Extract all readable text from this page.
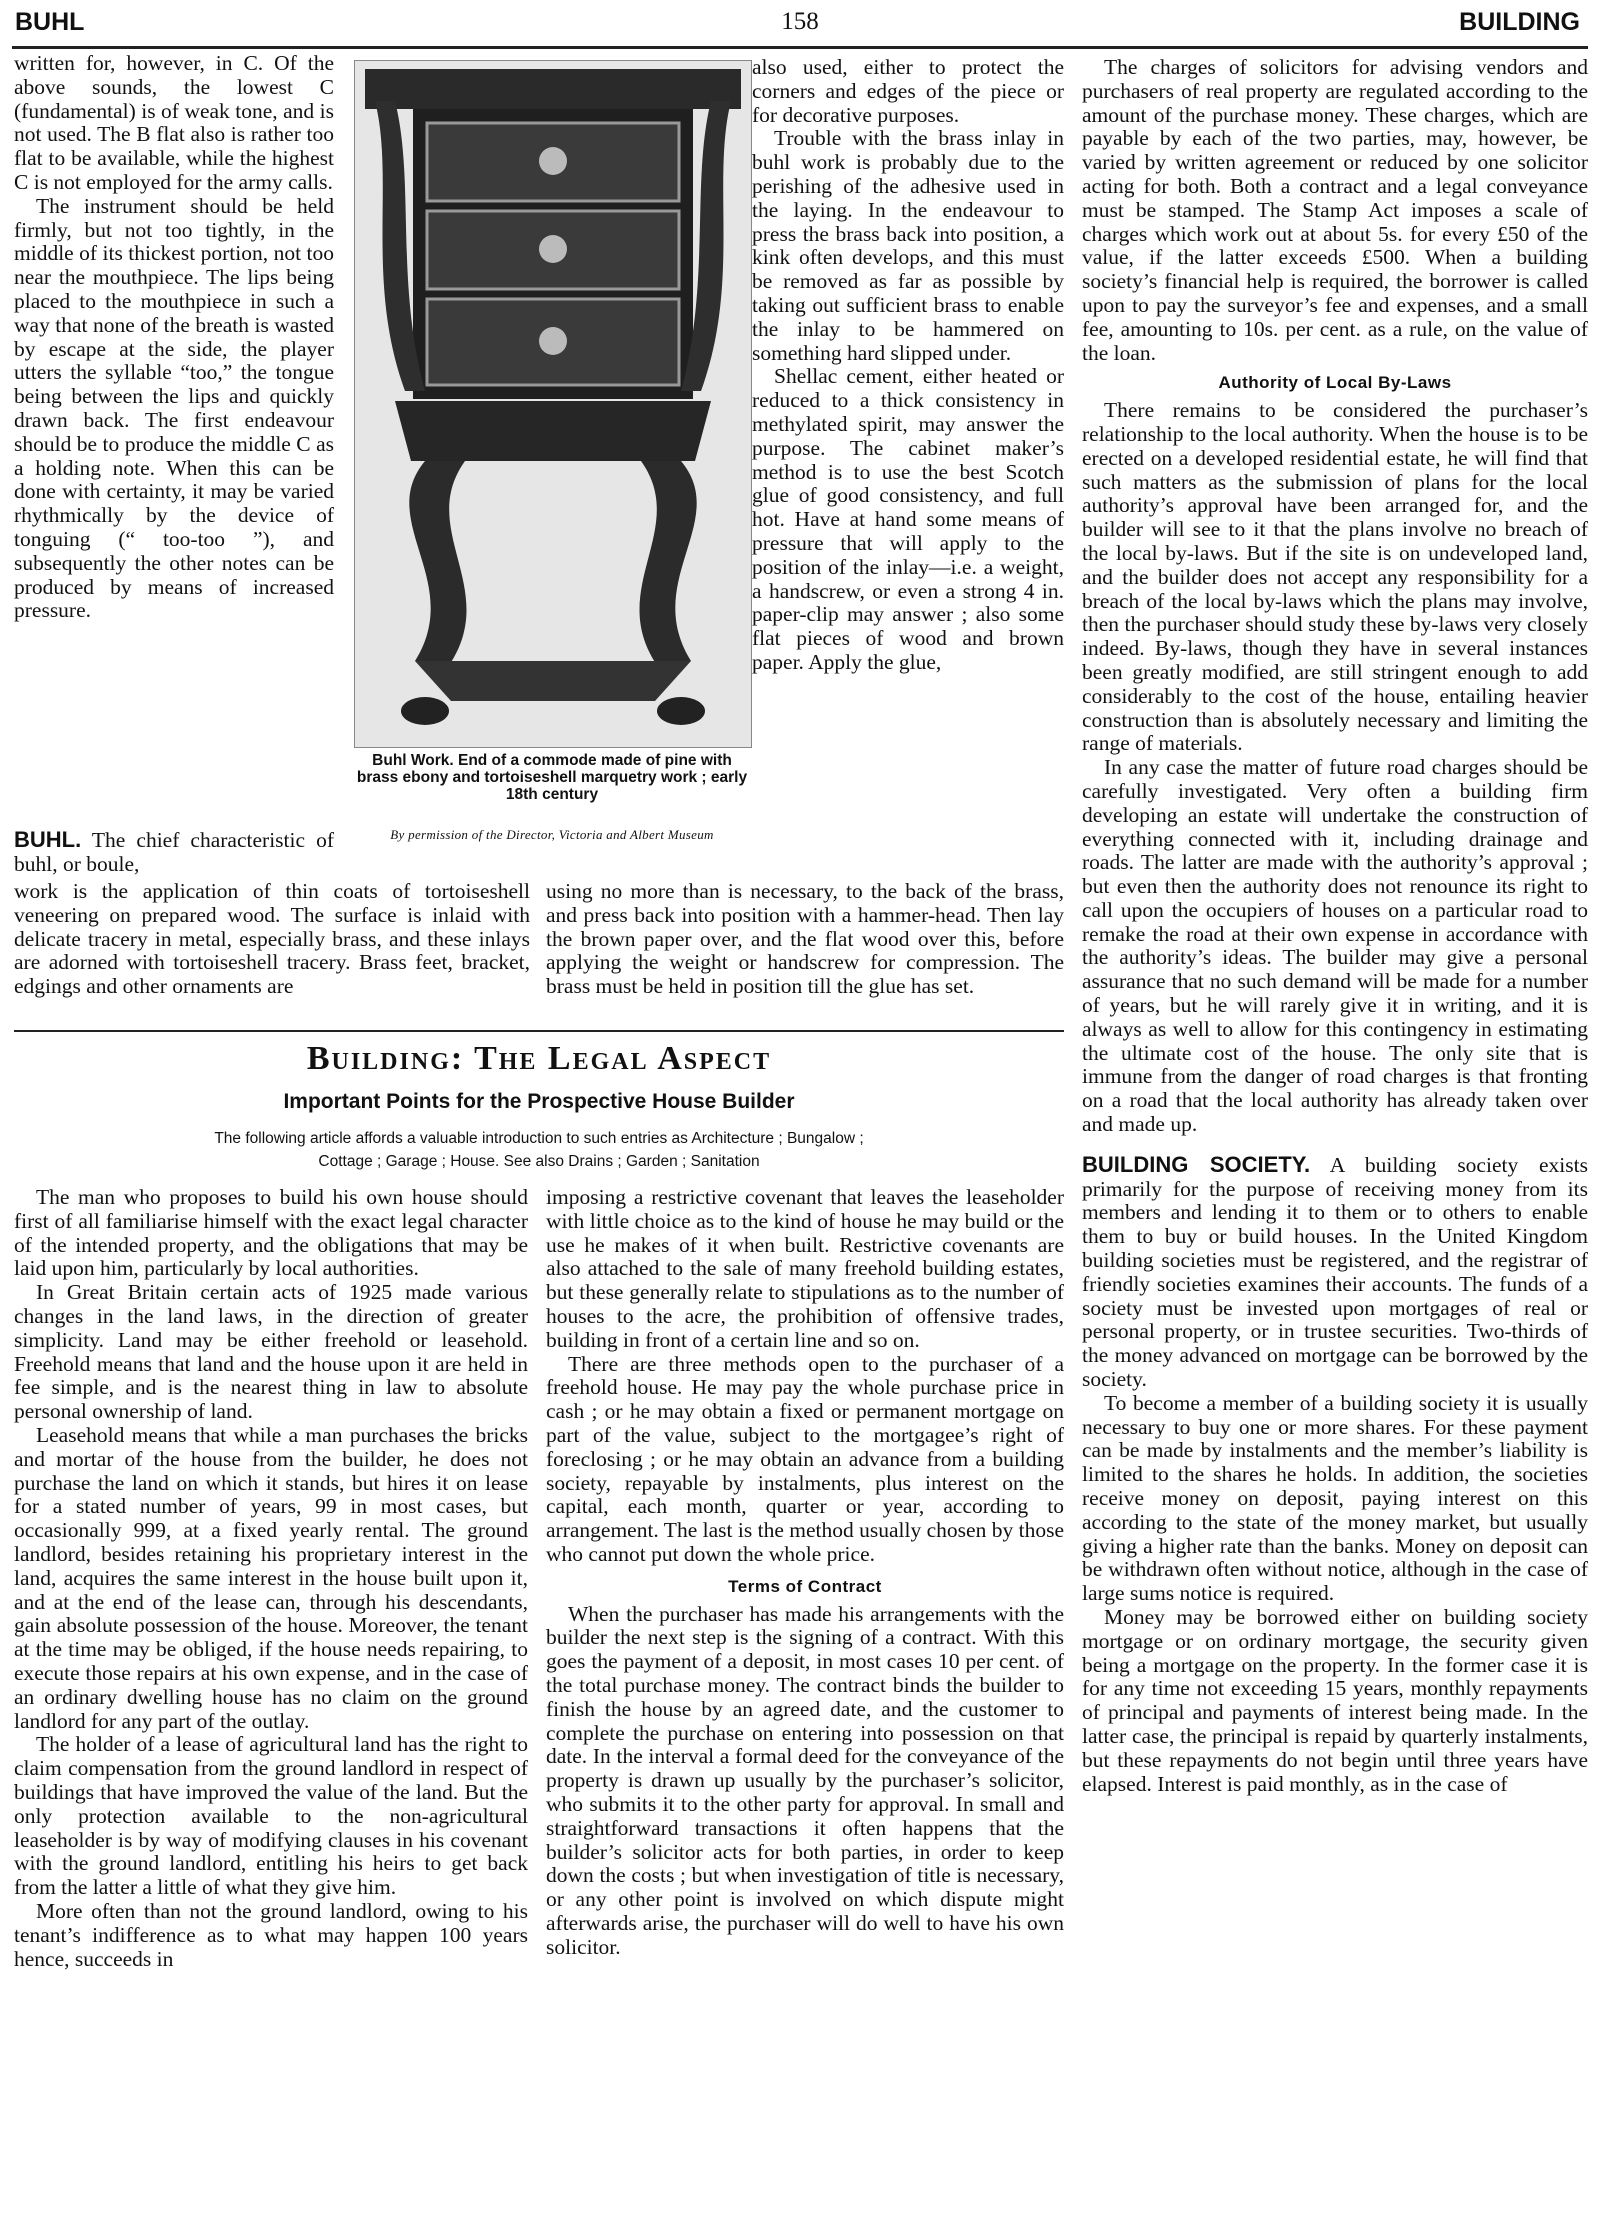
BUHL	158	BUILDING

written for, however, in C. Of the above sounds, the lowest C (fundamental) is of weak tone, and is not used. The B flat also is rather too flat to be available, while the highest C is not employed for the army calls.

The instrument should be held firmly, but not too tightly, in the middle of its thickest portion, not too near the mouthpiece. The lips being placed to the mouthpiece in such a way that none of the breath is wasted by escape at the side, the player utters the syllable “too,” the tongue being between the lips and quickly drawn back. The first endeavour should be to produce the middle C as a holding note. When this can be done with certainty, it may be varied rhythmically by the device of tonguing (“ too-too ”), and subsequently the other notes can be produced by means of increased pressure.

Buhl Work. End of a commode made of pine with brass ebony and tortoiseshell marquetry work ; early 18th century
By permission of the Director, Victoria and Albert Museum

BUHL. The chief characteristic of buhl, or boule,

work is the application of thin coats of tortoiseshell veneering on prepared wood. The surface is inlaid with delicate tracery in metal, especially brass, and these inlays are adorned with tortoiseshell tracery. Brass feet, bracket, edgings and other ornaments are

also used, either to protect the corners and edges of the piece or for decorative purposes.

Trouble with the brass inlay in buhl work is probably due to the perishing of the adhesive used in the laying. In the endeavour to press the brass back into position, a kink often develops, and this must be removed as far as possible by taking out sufficient brass to enable the inlay to be hammered on something hard slipped under.

Shellac cement, either heated or reduced to a thick consistency in methylated spirit, may answer the purpose. The cabinet maker’s method is to use the best Scotch glue of good consistency, and full hot. Have at hand some means of pressure that will apply to the position of the inlay—i.e. a weight, a handscrew, or even a strong 4 in. paper-clip may answer ; also some flat pieces of wood and brown paper. Apply the glue,

using no more than is necessary, to the back of the brass, and press back into position with a hammer-head. Then lay the brown paper over, and the flat wood over this, before applying the weight or handscrew for compression. The brass must be held in position till the glue has set.

Building: The Legal Aspect
Important Points for the Prospective House Builder
The following article affords a valuable introduction to such entries as Architecture ; Bungalow ;
Cottage ; Garage ; House. See also Drains ; Garden ; Sanitation

The man who proposes to build his own house should first of all familiarise himself with the exact legal character of the intended property, and the obligations that may be laid upon him, particularly by local authorities.

In Great Britain certain acts of 1925 made various changes in the land laws, in the direction of greater simplicity. Land may be either freehold or leasehold. Freehold means that land and the house upon it are held in fee simple, and is the nearest thing in law to absolute personal ownership of land.

Leasehold means that while a man purchases the bricks and mortar of the house from the builder, he does not purchase the land on which it stands, but hires it on lease for a stated number of years, 99 in most cases, but occasionally 999, at a fixed yearly rental. The ground landlord, besides retaining his proprietary interest in the land, acquires the same interest in the house built upon it, and at the end of the lease can, through his descendants, gain absolute possession of the house. Moreover, the tenant at the time may be obliged, if the house needs repairing, to execute those repairs at his own expense, and in the case of an ordinary dwelling house has no claim on the ground landlord for any part of the outlay.

The holder of a lease of agricultural land has the right to claim compensation from the ground landlord in respect of buildings that have improved the value of the land. But the only protection available to the non-agricultural leaseholder is by way of modifying clauses in his covenant with the ground landlord, entitling his heirs to get back from the latter a little of what they give him.

More often than not the ground landlord, owing to his tenant’s indifference as to what may happen 100 years hence, succeeds in

imposing a restrictive covenant that leaves the leaseholder with little choice as to the kind of house he may build or the use he makes of it when built. Restrictive covenants are also attached to the sale of many freehold building estates, but these generally relate to stipulations as to the number of houses to the acre, the prohibition of offensive trades, building in front of a certain line and so on.

There are three methods open to the purchaser of a freehold house. He may pay the whole purchase price in cash ; or he may obtain a fixed or permanent mortgage on part of the value, subject to the mortgagee’s right of foreclosing ; or he may obtain an advance from a building society, repayable by instalments, plus interest on the capital, each month, quarter or year, according to arrangement. The last is the method usually chosen by those who cannot put down the whole price.

Terms of Contract

When the purchaser has made his arrangements with the builder the next step is the signing of a contract. With this goes the payment of a deposit, in most cases 10 per cent. of the total purchase money. The contract binds the builder to finish the house by an agreed date, and the customer to complete the purchase on entering into possession on that date. In the interval a formal deed for the conveyance of the property is drawn up usually by the purchaser’s solicitor, who submits it to the other party for approval. In small and straightforward transactions it often happens that the builder’s solicitor acts for both parties, in order to keep down the costs ; but when investigation of title is necessary, or any other point is involved on which dispute might afterwards arise, the purchaser will do well to have his own solicitor.

The charges of solicitors for advising vendors and purchasers of real property are regulated according to the amount of the purchase money. These charges, which are payable by each of the two parties, may, however, be varied by written agreement or reduced by one solicitor acting for both. Both a contract and a legal conveyance must be stamped. The Stamp Act imposes a scale of charges which work out at about 5s. for every £50 of the value, if the latter exceeds £500. When a building society’s financial help is required, the borrower is called upon to pay the surveyor’s fee and expenses, and a small fee, amounting to 10s. per cent. as a rule, on the value of the loan.

Authority of Local By-Laws

There remains to be considered the purchaser’s relationship to the local authority. When the house is to be erected on a developed residential estate, he will find that such matters as the submission of plans for the local authority’s approval have been arranged for, and the builder will see to it that the plans involve no breach of the local by-laws. But if the site is on undeveloped land, and the builder does not accept any responsibility for a breach of the local by-laws which the plans may involve, then the purchaser should study these by-laws very closely indeed. By-laws, though they have in several instances been greatly modified, are still stringent enough to add considerably to the cost of the house, entailing heavier construction than is absolutely necessary and limiting the range of materials.

In any case the matter of future road charges should be carefully investigated. Very often a building firm developing an estate will undertake the construction of everything connected with it, including drainage and roads. The latter are made with the authority’s approval ; but even then the authority does not renounce its right to call upon the occupiers of houses on a particular road to remake the road at their own expense in accordance with the authority’s ideas. The builder may give a personal assurance that no such demand will be made for a number of years, but he will rarely give it in writing, and it is always as well to allow for this contingency in estimating the ultimate cost of the house. The only site that is immune from the danger of road charges is that fronting on a road that the local authority has already taken over and made up.

BUILDING SOCIETY. A building society exists primarily for the purpose of receiving money from its members and lending it to them or to others to enable them to buy or build houses. In the United Kingdom building societies must be registered, and the registrar of friendly societies examines their accounts. The funds of a society must be invested upon mortgages of real or personal property, or in trustee securities. Two-thirds of the money advanced on mortgage can be borrowed by the society.

To become a member of a building society it is usually necessary to buy one or more shares. For these payment can be made by instalments and the member’s liability is limited to the shares he holds. In addition, the societies receive money on deposit, paying interest on this according to the state of the money market, but usually giving a higher rate than the banks. Money on deposit can be withdrawn often without notice, although in the case of large sums notice is required.

Money may be borrowed either on building society mortgage or on ordinary mortgage, the security given being a mortgage on the property. In the former case it is for any time not exceeding 15 years, monthly repayments of principal and payments of interest being made. In the latter case, the principal is repaid by quarterly instalments, but these repayments do not begin until three years have elapsed. Interest is paid monthly, as in the case of
